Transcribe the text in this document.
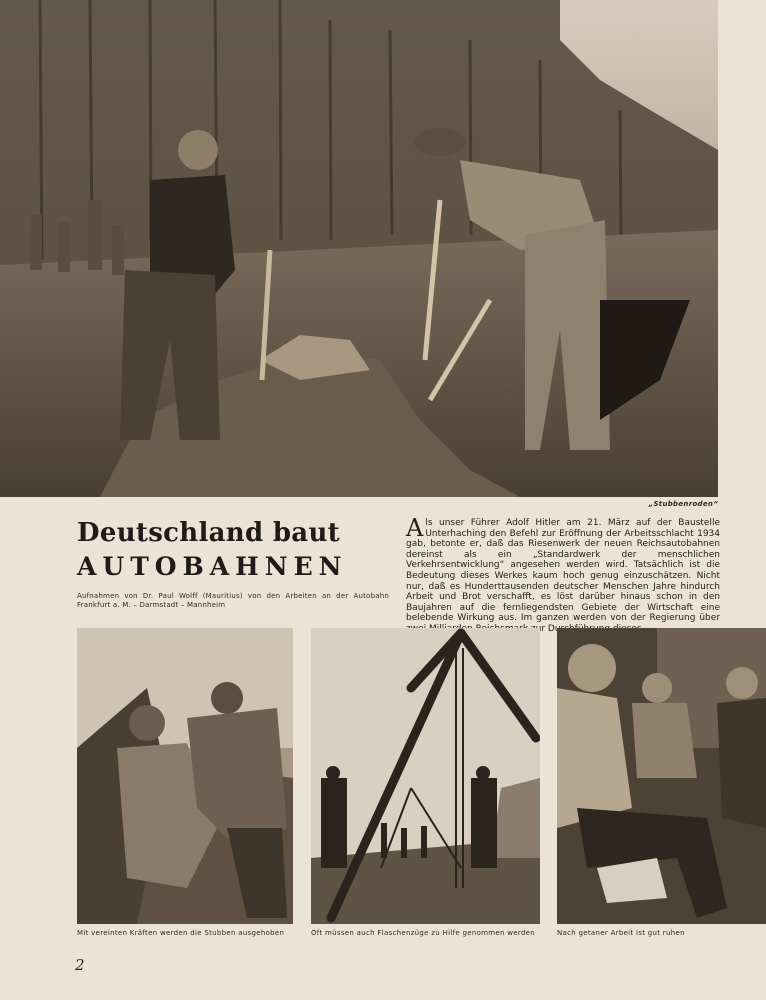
„Stubbenroden“
Deutschland baut
AUTOBAHNEN
Aufnahmen von Dr. Paul Wolff (Mauritius) von den Arbeiten an der Autobahn Frankfurt a. M. – Darmstadt – Mannheim

Als unser Führer Adolf Hitler am 21. März auf der Baustelle Unterhaching den Befehl zur Eröffnung der Arbeitsschlacht 1934 gab, betonte er, daß das Riesenwerk der neuen Reichsautobahnen dereinst als ein „Standardwerk der menschlichen Verkehrsentwicklung“ angesehen werden wird. Tatsächlich ist die Bedeutung dieses Werkes kaum hoch genug einzuschätzen. Nicht nur, daß es Hunderttausenden deutscher Menschen Jahre hindurch Arbeit und Brot verschafft, es löst darüber hinaus schon in den Baujahren auf die fernliegendsten Gebiete der Wirtschaft eine belebende Wirkung aus. Im ganzen werden von der Regierung über

Mit vereinten Kräften werden die Stubben ausgehoben	Oft müssen auch Flaschenzüge zu Hilfe genommen werden	Nach getaner Arbeit ist gut ruhen
2
